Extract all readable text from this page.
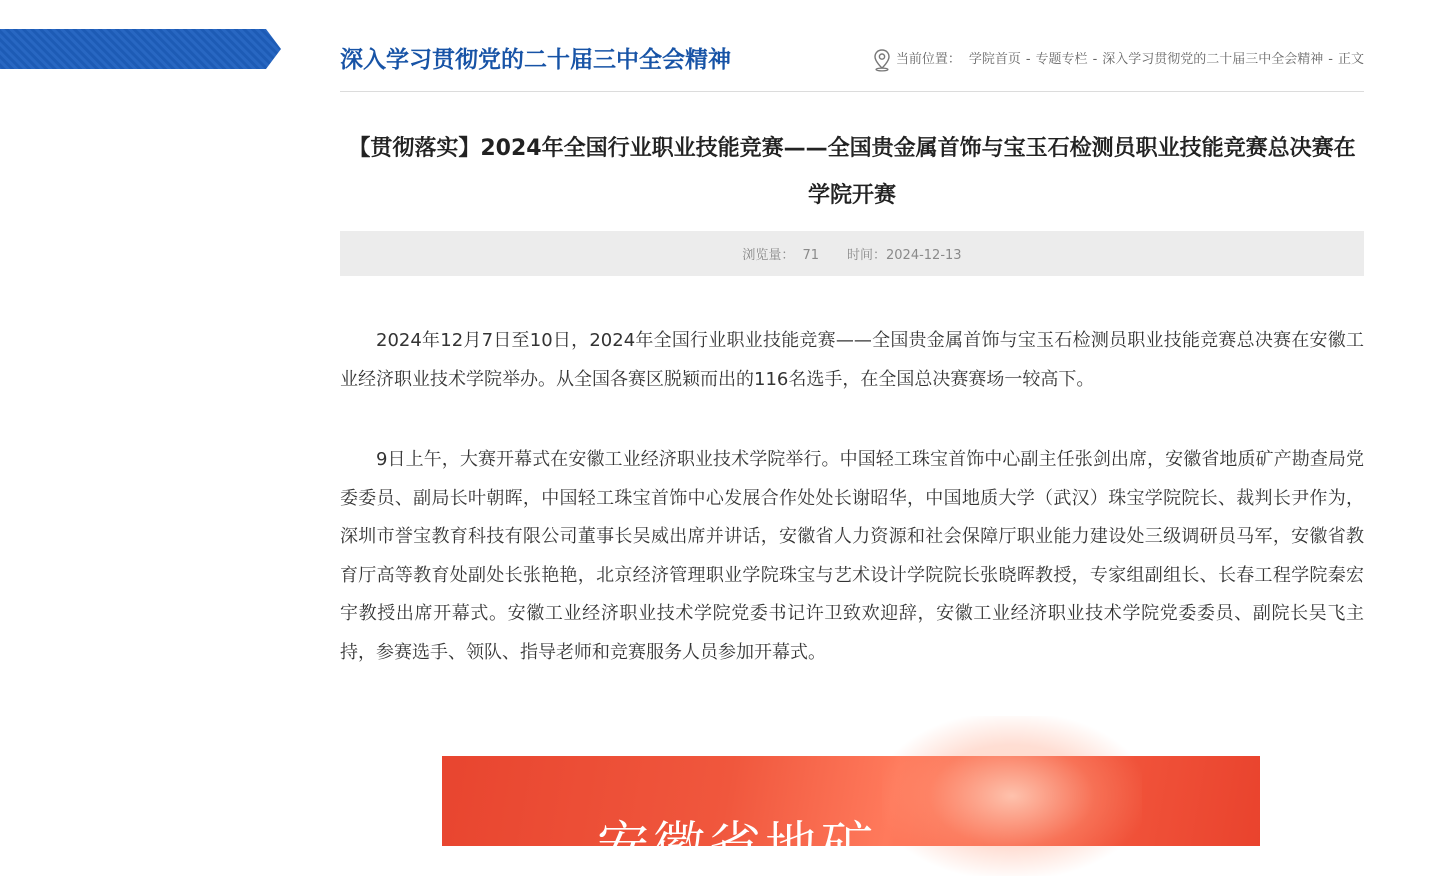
深入学习贯彻党的二十届三中全会精神	当前位置： 学院首页 - 专题专栏 - 深入学习贯彻党的二十届三中全会精神 - 正文
【贯彻落实】2024年全国行业职业技能竞赛——全国贵金属首饰与宝玉石检测员职业技能竞赛总决赛在学院开赛
浏览量： 71 时间：2024-12-13

2024年12月7日至10日，2024年全国行业职业技能竞赛——全国贵金属首饰与宝玉石检测员职业技能竞赛总决赛在安徽工业经济职业技术学院举办。从全国各赛区脱颖而出的116名选手，在全国总决赛赛场一较高下。

9日上午，大赛开幕式在安徽工业经济职业技术学院举行。中国轻工珠宝首饰中心副主任张剑出席，安徽省地质矿产勘查局党委委员、副局长叶朝晖，中国轻工珠宝首饰中心发展合作处处长谢昭华，中国地质大学（武汉）珠宝学院院长、裁判长尹作为，深圳市誉宝教育科技有限公司董事长吴威出席并讲话，安徽省人力资源和社会保障厅职业能力建设处三级调研员马军，安徽省教育厅高等教育处副处长张艳艳，北京经济管理职业学院珠宝与艺术设计学院院长张晓晖教授，专家组副组长、长春工程学院秦宏宇教授出席开幕式。安徽工业经济职业技术学院党委书记许卫致欢迎辞，安徽工业经济职业技术学院党委委员、副院长吴飞主持，参赛选手、领队、指导老师和竞赛服务人员参加开幕式。

安徽省地矿
